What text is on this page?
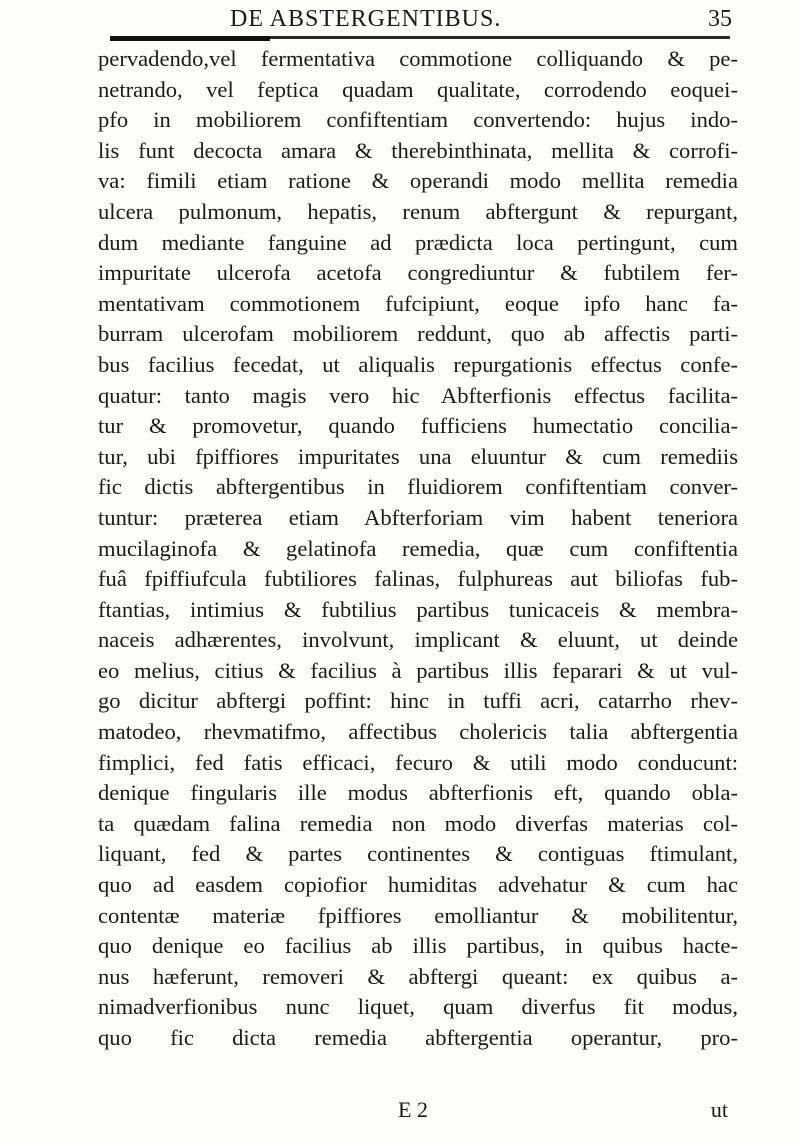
DE ABSTERGENTIBUS.	35
pervadendo,vel fermentativa commotione colliquando & pe-
netrando, vel feptica quadam qualitate, corrodendo eoquei-
pfo in mobiliorem confiftentiam convertendo: hujus indo-
lis funt decocta amara & therebinthinata, mellita & corrofi-
va: fimili etiam ratione & operandi modo mellita remedia
ulcera pulmonum, hepatis, renum abftergunt & repurgant,
dum mediante fanguine ad prædicta loca pertingunt, cum
impuritate ulcerofa acetofa congrediuntur & fubtilem fer-
mentativam commotionem fufcipiunt, eoque ipfo hanc fa-
burram ulcerofam mobiliorem reddunt, quo ab affectis parti-
bus facilius fecedat, ut aliqualis repurgationis effectus confe-
quatur: tanto magis vero hic Abfterfionis effectus facilita-
tur & promovetur, quando fufficiens humectatio concilia-
tur, ubi fpiffiores impuritates una eluuntur & cum remediis
fic dictis abftergentibus in fluidiorem confiftentiam conver-
tuntur: præterea etiam Abfterforiam vim habent teneriora
mucilaginofa & gelatinofa remedia, quæ cum confiftentia
fuâ fpiffiufcula fubtiliores falinas, fulphureas aut biliofas fub-
ftantias, intimius & fubtilius partibus tunicaceis & membra-
naceis adhærentes, involvunt, implicant & eluunt, ut deinde
eo melius, citius & facilius à partibus illis feparari & ut vul-
go dicitur abftergi poffint: hinc in tuffi acri, catarrho rhev-
matodeo, rhevmatifmo, affectibus cholericis talia abftergentia
fimplici, fed fatis efficaci, fecuro & utili modo conducunt:
denique fingularis ille modus abfterfionis eft, quando obla-
ta quædam falina remedia non modo diverfas materias col-
liquant, fed & partes continentes & contiguas ftimulant,
quo ad easdem copiofior humiditas advehatur & cum hac
contentæ materiæ fpiffiores emolliantur & mobilitentur,
quo denique eo facilius ab illis partibus, in quibus hacte-
nus hæferunt, removeri & abftergi queant: ex quibus a-
nimadverfionibus nunc liquet, quam diverfus fit modus,
quo fic dicta remedia abftergentia operantur, pro-
E 2	ut
